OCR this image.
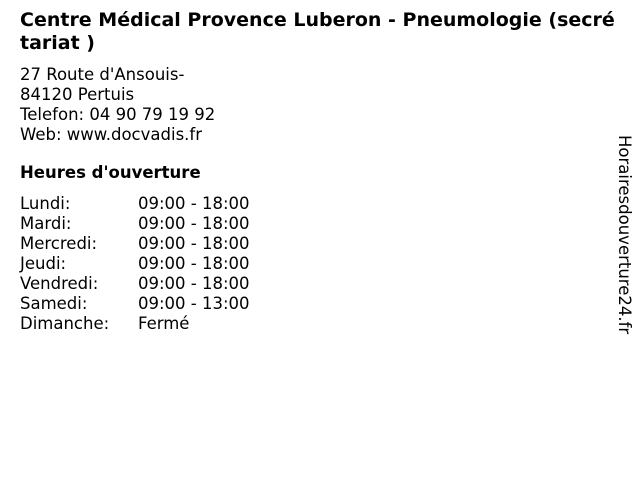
Centre Médical Provence Luberon - Pneumologie (secrétariat )
27 Route d'Ansouis-
84120 Pertuis
Telefon: 04 90 79 19 92
Web: www.docvadis.fr
Heures d'ouverture
Lundi:	09:00 - 18:00
Mardi:	09:00 - 18:00
Mercredi:	09:00 - 18:00
Jeudi:	09:00 - 18:00
Vendredi:	09:00 - 18:00
Samedi:	09:00 - 13:00
Dimanche:	Fermé	Horairesdouverture24.fr
